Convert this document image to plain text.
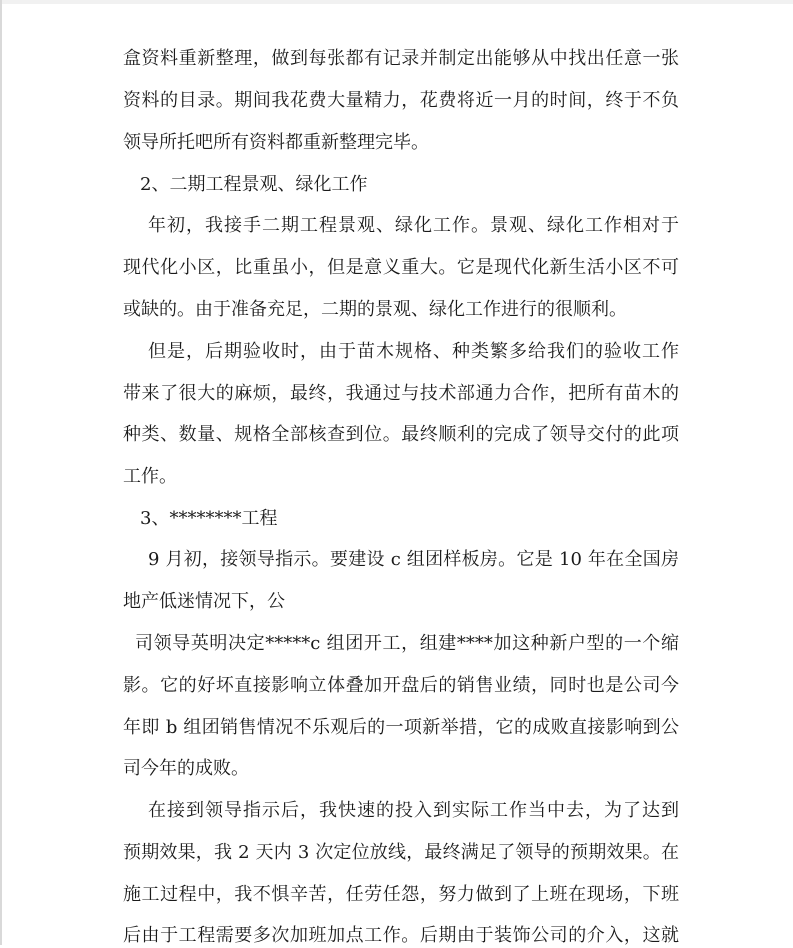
盒资料重新整理，做到每张都有记录并制定出能够从中找出任意一张
资料的目录。期间我花费大量精力，花费将近一月的时间，终于不负
领导所托吧所有资料都重新整理完毕。
2、二期工程景观、绿化工作
年初，我接手二期工程景观、绿化工作。景观、绿化工作相对于
现代化小区，比重虽小，但是意义重大。它是现代化新生活小区不可
或缺的。由于准备充足，二期的景观、绿化工作进行的很顺利。
但是，后期验收时，由于苗木规格、种类繁多给我们的验收工作
带来了很大的麻烦，最终，我通过与技术部通力合作，把所有苗木的
种类、数量、规格全部核查到位。最终顺利的完成了领导交付的此项
工作。
3、********工程
9 月初，接领导指示。要建设 c 组团样板房。它是 10 年在全国房
地产低迷情况下，公
司领导英明决定*****c 组团开工，组建****加这种新户型的一个缩
影。它的好坏直接影响立体叠加开盘后的销售业绩，同时也是公司今
年即 b 组团销售情况不乐观后的一项新举措，它的成败直接影响到公
司今年的成败。
在接到领导指示后，我快速的投入到实际工作当中去，为了达到
预期效果，我 2 天内 3 次定位放线，最终满足了领导的预期效果。在
施工过程中，我不惧辛苦，任劳任怨，努力做到了上班在现场，下班
后由于工程需要多次加班加点工作。后期由于装饰公司的介入，这就
